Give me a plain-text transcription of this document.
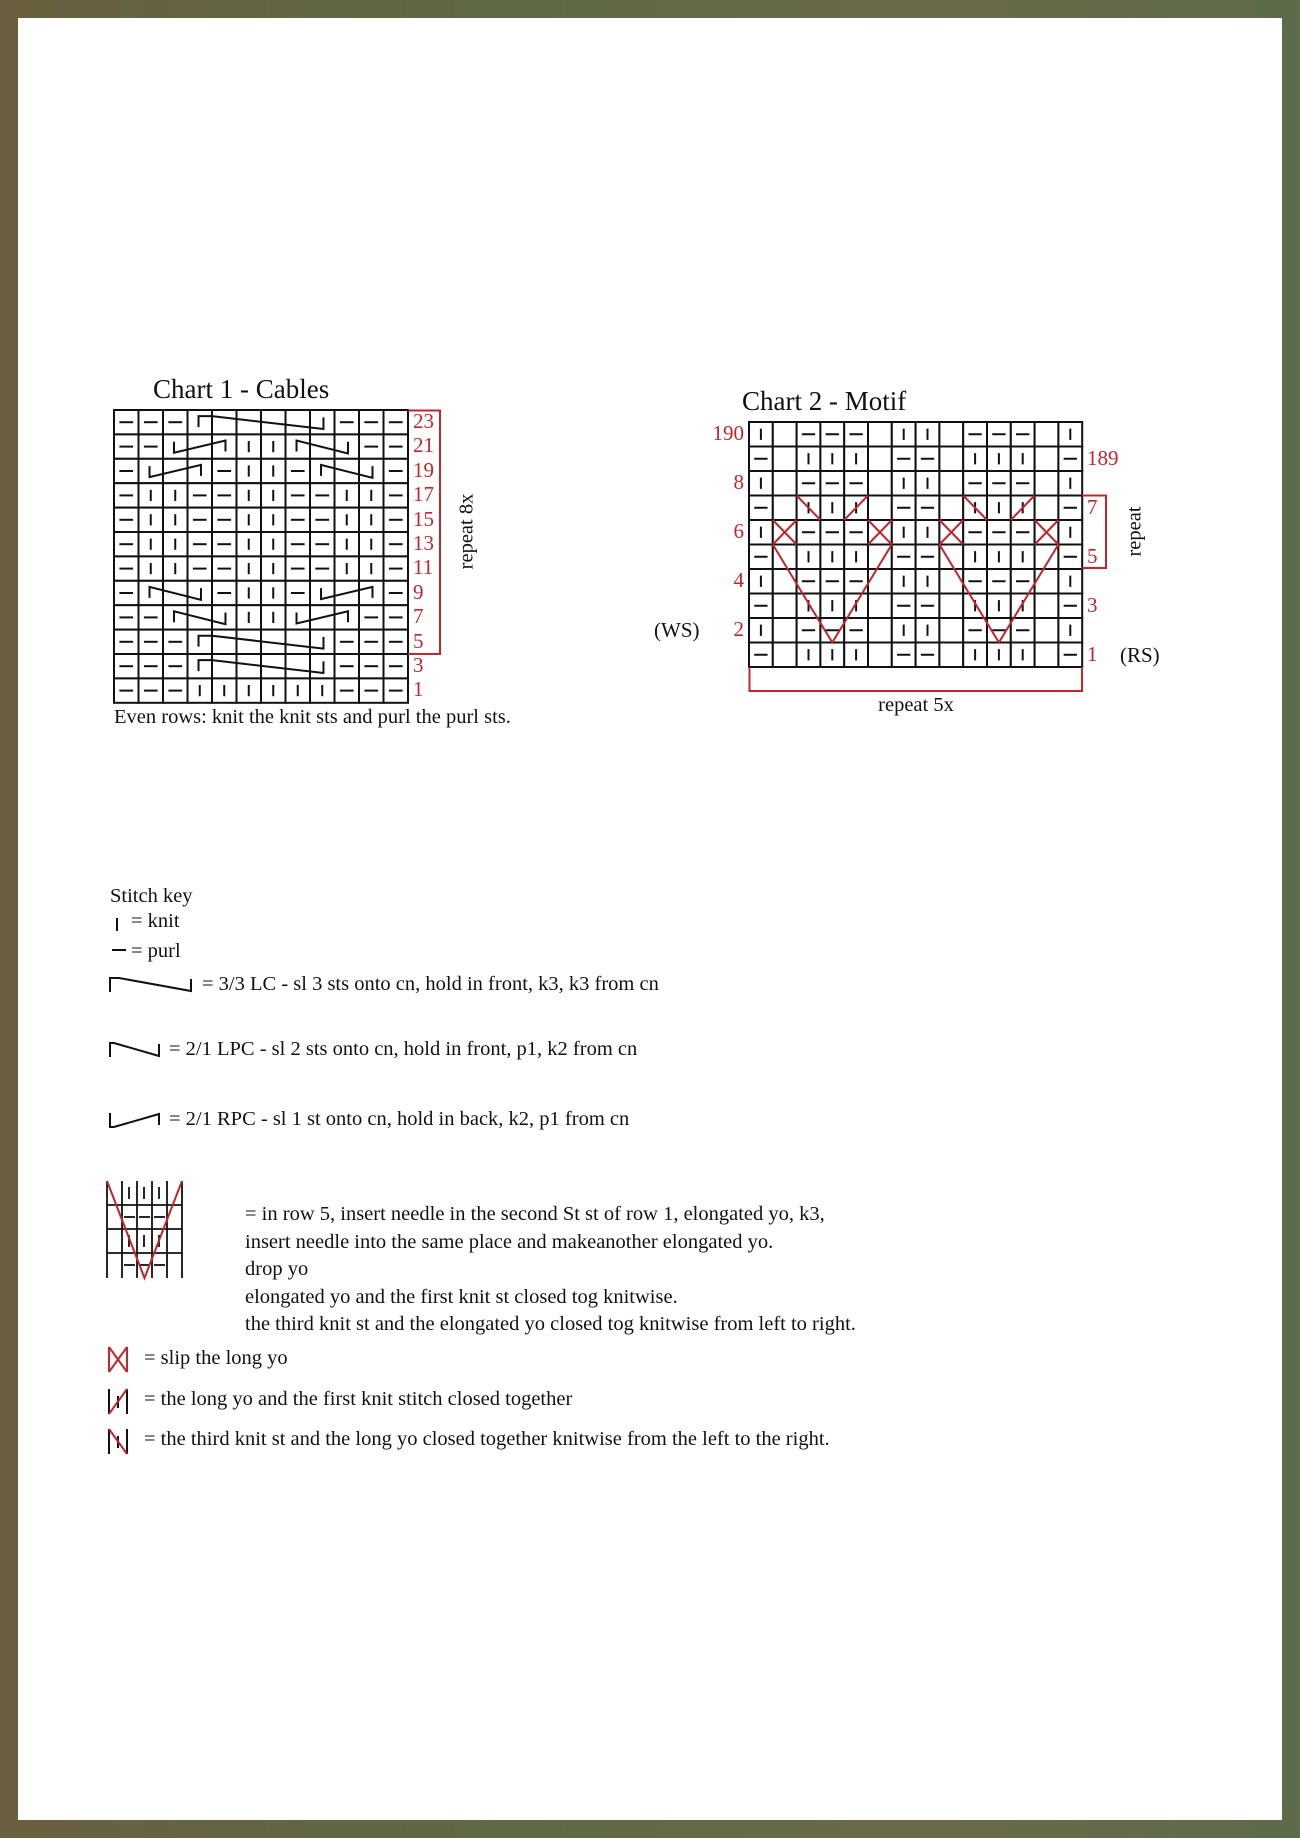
Chart 1 - Cables
repeat 8x
Even rows: knit the knit sts and purl the purl sts.
Chart 2 - Motif
(WS)
(RS)
repeat
repeat 5x
Stitch key
= knit
= purl
= 3/3 LC - sl 3 sts onto cn, hold in front, k3, k3 from cn
= 2/1 LPC - sl 2 sts onto cn, hold in front, p1, k2 from cn
= 2/1 RPC - sl 1 st onto cn, hold in back, k2, p1 from cn
= slip the long yo
= the long yo and the first knit stitch closed together
= the third knit st and the long yo closed together knitwise from the left to the right.
23
21
19
17
15
13
11
9
7
5
3
1
190
8
6
4
2
189
7
5
3
1
= in row 5, insert needle in the second St st of row 1, elongated yo, k3,
insert needle into the same place and makeanother elongated yo.
drop yo
elongated yo and the first knit st closed tog knitwise.
the third knit st and the elongated yo closed tog knitwise from left to right.
